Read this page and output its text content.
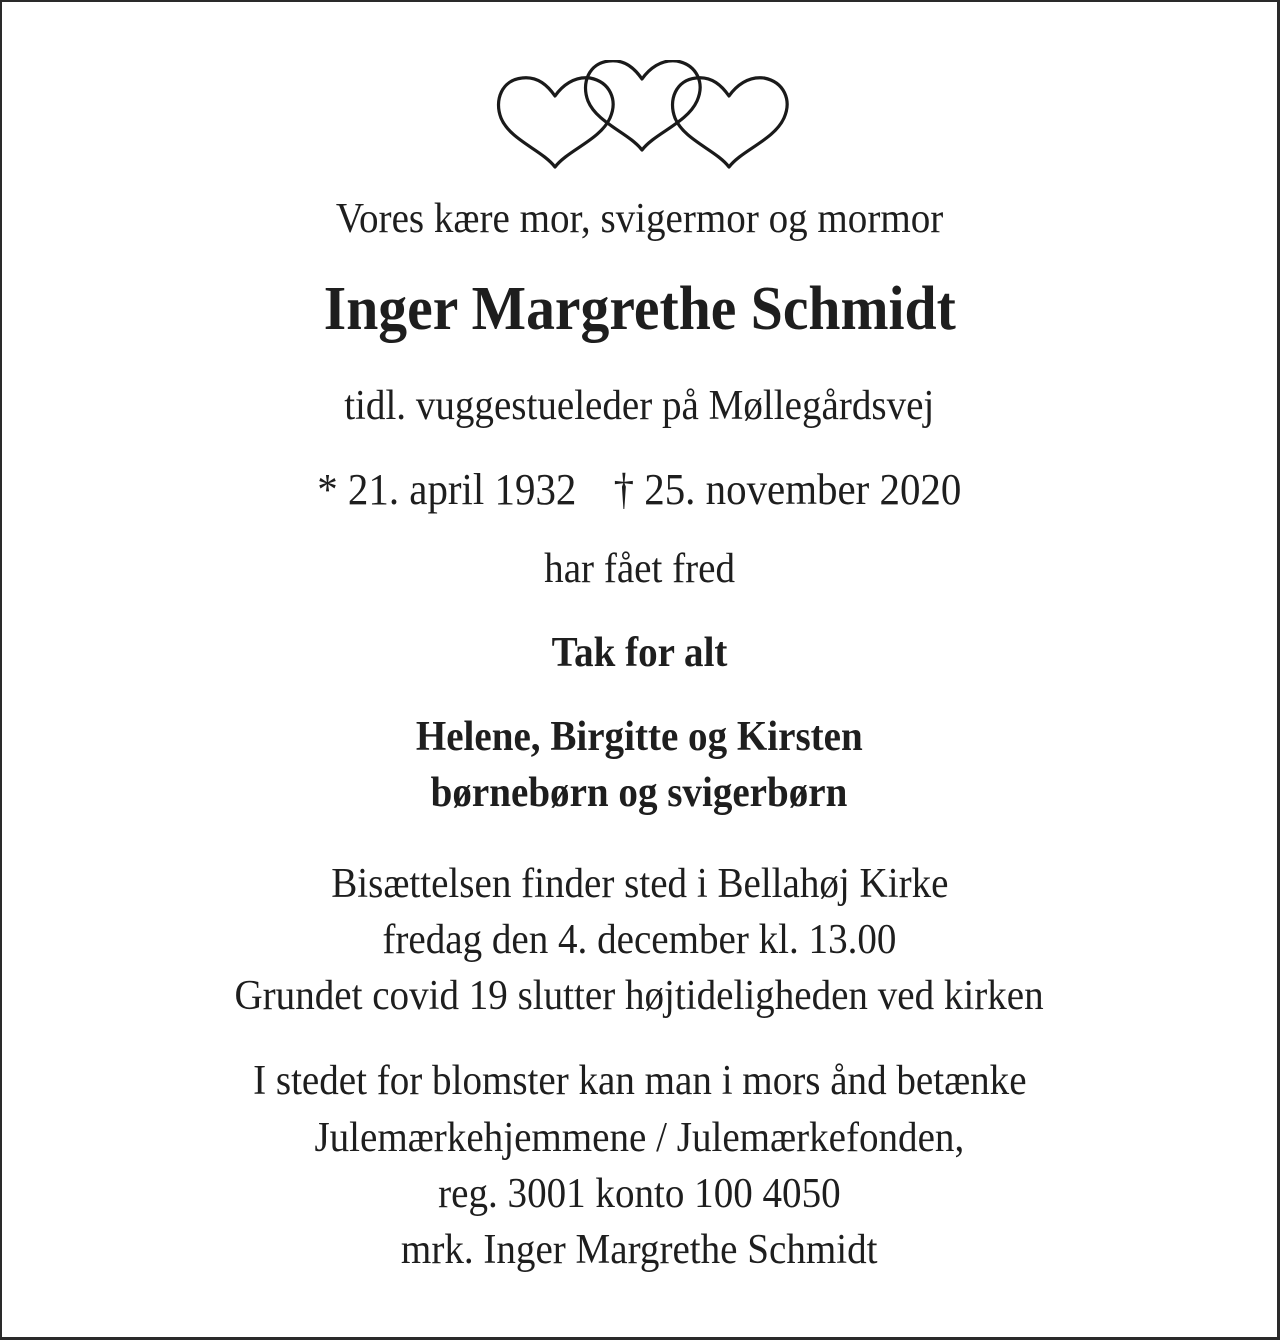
Vores kære mor, svigermor og mormor
Inger Margrethe Schmidt
tidl. vuggestueleder på Møllegårdsvej
* 21. april 1932 † 25. november 2020
har fået fred
Tak for alt
Helene, Birgitte og Kirsten
børnebørn og svigerbørn
Bisættelsen finder sted i Bellahøj Kirke
fredag den 4. december kl. 13.00
Grundet covid 19 slutter højtideligheden ved kirken
I stedet for blomster kan man i mors ånd betænke
Julemærkehjemmene / Julemærkefonden,
reg. 3001 konto 100 4050
mrk. Inger Margrethe Schmidt
